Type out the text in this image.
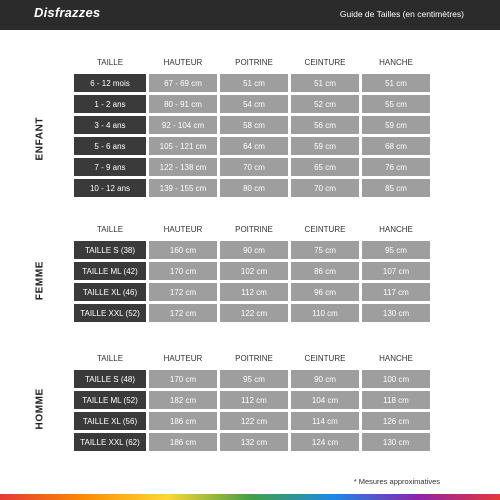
Disfrazzes	Guide de Tailles (en centimètres)
ENFANT
TAILLE	HAUTEUR	POITRINE	CEINTURE	HANCHE
6 - 12 mois	67 - 69 cm	51 cm	51 cm	51 cm
1 - 2 ans	80 - 91 cm	54 cm	52 cm	55 cm
3 - 4 ans	92 - 104 cm	58 cm	56 cm	59 cm
5 - 6 ans	105 - 121 cm	64 cm	59 cm	68 cm
7 - 9 ans	122 - 138 cm	70 cm	65 cm	76 cm
10 - 12 ans	139 - 155 cm	80 cm	70 cm	85 cm
FEMME
TAILLE	HAUTEUR	POITRINE	CEINTURE	HANCHE
TAILLE S (38)	160 cm	90 cm	75 cm	95 cm
TAILLE ML (42)	170 cm	102 cm	86 cm	107 cm
TAILLE XL (46)	172 cm	112 cm	96 cm	117 cm
TAILLE XXL (52)	172 cm	122 cm	110 cm	130 cm
HOMME
TAILLE	HAUTEUR	POITRINE	CEINTURE	HANCHE
TAILLE S (48)	170 cm	95 cm	90 cm	100 cm
TAILLE ML (52)	182 cm	112 cm	104 cm	118 cm
TAILLE XL (56)	186 cm	122 cm	114 cm	126 cm
TAILLE XXL (62)	186 cm	132 cm	124 cm	130 cm
* Mesures approximatives
